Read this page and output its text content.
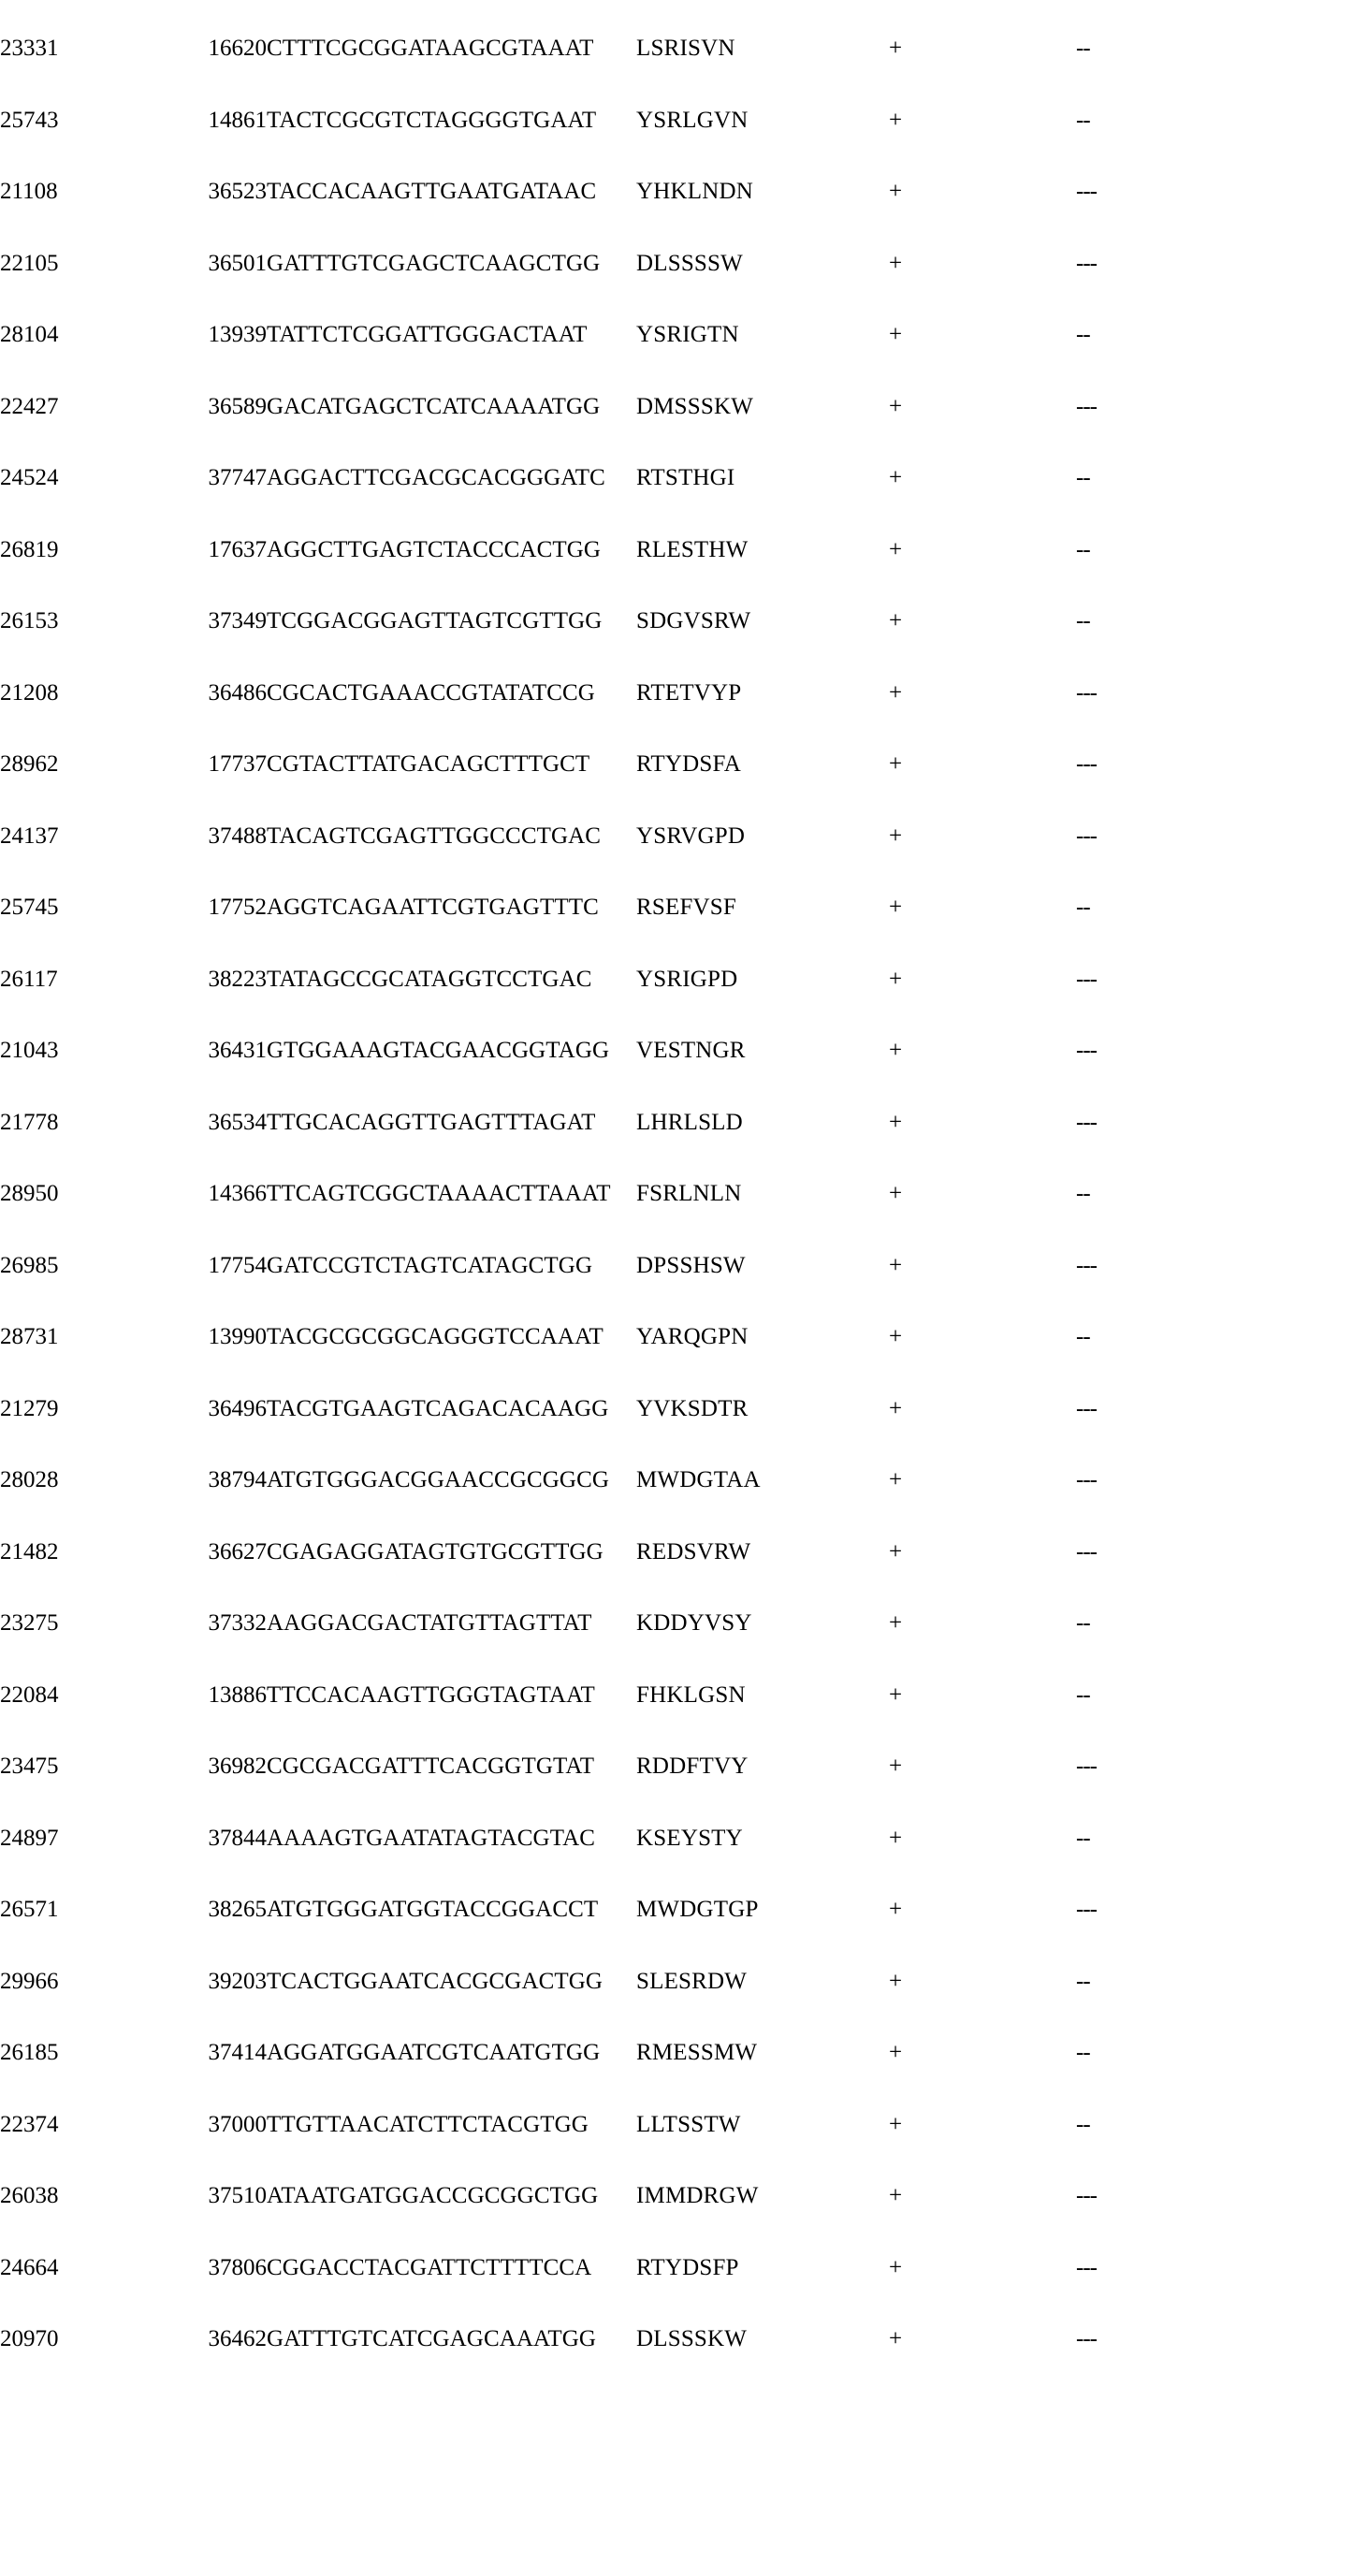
23331	16620	CTTTCGCGGATAAGCGTAAAT	LSRISVN	+	--
25743	14861	TACTCGCGTCTAGGGGTGAAT	YSRLGVN	+	--
21108	36523	TACCACAAGTTGAATGATAAC	YHKLNDN	+	---
22105	36501	GATTTGTCGAGCTCAAGCTGG	DLSSSSW	+	---
28104	13939	TATTCTCGGATTGGGACTAAT	YSRIGTN	+	--
22427	36589	GACATGAGCTCATCAAAATGG	DMSSSKW	+	---
24524	37747	AGGACTTCGACGCACGGGATC	RTSTHGI	+	--
26819	17637	AGGCTTGAGTCTACCCACTGG	RLESTHW	+	--
26153	37349	TCGGACGGAGTTAGTCGTTGG	SDGVSRW	+	--
21208	36486	CGCACTGAAACCGTATATCCG	RTETVYP	+	---
28962	17737	CGTACTTATGACAGCTTTGCT	RTYDSFA	+	---
24137	37488	TACAGTCGAGTTGGCCCTGAC	YSRVGPD	+	---
25745	17752	AGGTCAGAATTCGTGAGTTTC	RSEFVSF	+	--
26117	38223	TATAGCCGCATAGGTCCTGAC	YSRIGPD	+	---
21043	36431	GTGGAAAGTACGAACGGTAGG	VESTNGR	+	---
21778	36534	TTGCACAGGTTGAGTTTAGAT	LHRLSLD	+	---
28950	14366	TTCAGTCGGCTAAAACTTAAAT	FSRLNLN	+	--
26985	17754	GATCCGTCTAGTCATAGCTGG	DPSSHSW	+	---
28731	13990	TACGCGCGGCAGGGTCCAAAT	YARQGPN	+	--
21279	36496	TACGTGAAGTCAGACACAAGG	YVKSDTR	+	---
28028	38794	ATGTGGGACGGAACCGCGGCG	MWDGTAA	+	---
21482	36627	CGAGAGGATAGTGTGCGTTGG	REDSVRW	+	---
23275	37332	AAGGACGACTATGTTAGTTAT	KDDYVSY	+	--
22084	13886	TTCCACAAGTTGGGTAGTAAT	FHKLGSN	+	--
23475	36982	CGCGACGATTTCACGGTGTAT	RDDFTVY	+	---
24897	37844	AAAAGTGAATATAGTACGTAC	KSEYSTY	+	--
26571	38265	ATGTGGGATGGTACCGGACCT	MWDGTGP	+	---
29966	39203	TCACTGGAATCACGCGACTGG	SLESRDW	+	--
26185	37414	AGGATGGAATCGTCAATGTGG	RMESSMW	+	--
22374	37000	TTGTTAACATCTTCTACGTGG	LLTSSTW	+	--
26038	37510	ATAATGATGGACCGCGGCTGG	IMMDRGW	+	---
24664	37806	CGGACCTACGATTCTTTTCCA	RTYDSFP	+	---
20970	36462	GATTTGTCATCGAGCAAATGG	DLSSSKW	+	---
